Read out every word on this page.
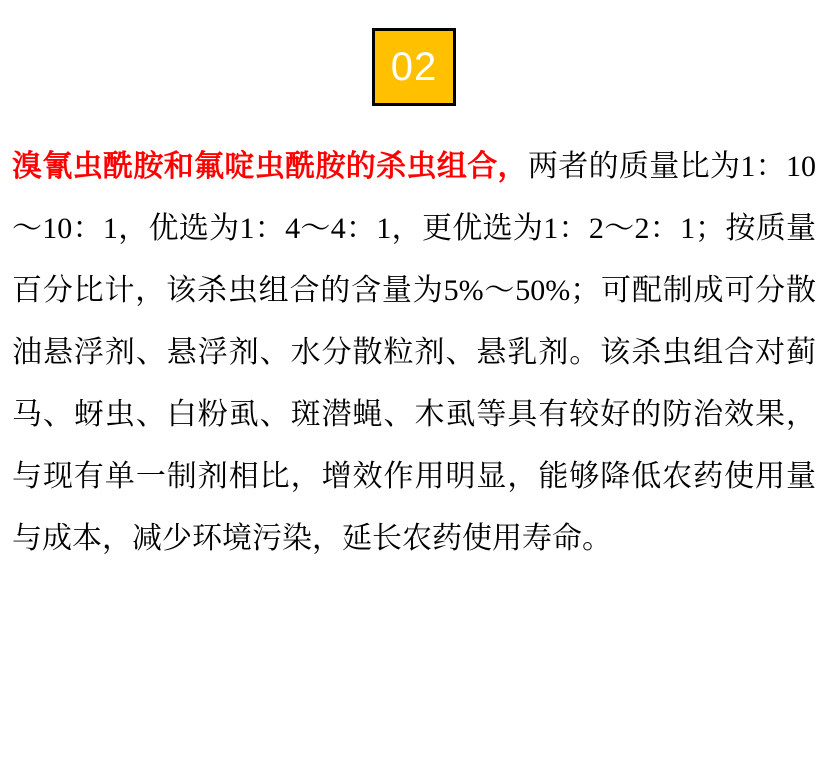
02

溴氰虫酰胺和氟啶虫酰胺的杀虫组合，两者的质量比为1：10～10：1，优选为1：4～4：1，更优选为1：2～2：1；按质量百分比计，该杀虫组合的含量为5%～50%；可配制成可分散油悬浮剂、悬浮剂、水分散粒剂、悬乳剂。该杀虫组合对蓟马、蚜虫、白粉虱、斑潜蝇、木虱等具有较好的防治效果，与现有单一制剂相比，增效作用明显，能够降低农药使用量与成本，减少环境污染，延长农药使用寿命。
